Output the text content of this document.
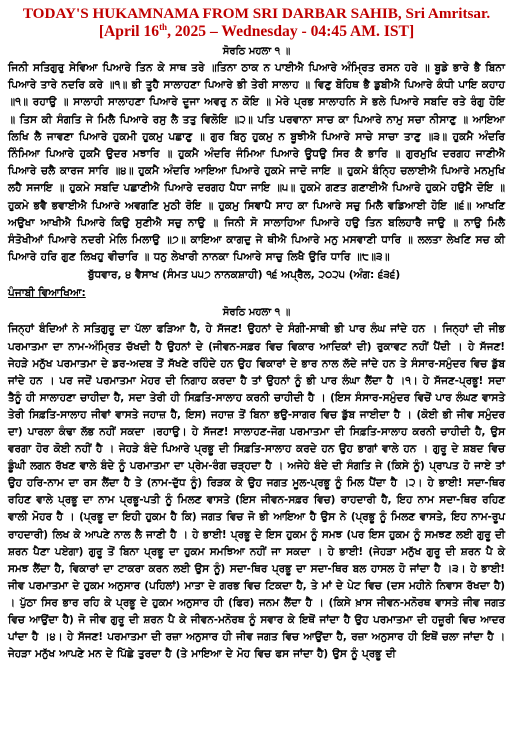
TODAY'S HUKAMNAMA FROM SRI DARBAR SAHIB, Sri Amritsar.
[April 16th, 2025 – Wednesday - 04:45 AM. IST]
ਸੋਰਠਿ ਮਹਲਾ ੧ ॥

ਜਿਨੀ ਸਤਿਗੁਰੁ ਸੇਵਿਆ ਪਿਆਰੇ ਤਿਨ ਕੇ ਸਾਥ ਤਰੇ ॥ਤਿਨਾ ਠਾਕ ਨ ਪਾਈਐ ਪਿਆਰੇ ਅੰਮ੍ਰਿਤ ਰਸਨ ਹਰੇ ॥ ਬੂਡੇ ਭਾਰੇ ਭੈ ਬਿਨਾ ਪਿਆਰੇ ਤਾਰੇ ਨਦਰਿ ਕਰੇ ॥੧॥ ਭੀ ਤੂਹੈ ਸਾਲਾਹਣਾ ਪਿਆਰੇ ਭੀ ਤੇਰੀ ਸਾਲਾਹ ॥ ਵਿਣੁ ਬੋਹਿਥ ਭੈ ਡੁਬੀਐ ਪਿਆਰੇ ਕੰਧੀ ਪਾਇ ਕਹਾਹ ॥੧॥ ਰਹਾਉ ॥ ਸਾਲਾਹੀ ਸਾਲਾਹਣਾ ਪਿਆਰੇ ਦੂਜਾ ਅਵਰੁ ਨ ਕੋਇ ॥ ਮੇਰੇ ਪ੍ਰਭ ਸਾਲਾਹਨਿ ਸੇ ਭਲੇ ਪਿਆਰੇ ਸਬਦਿ ਰਤੇ ਰੰਗੁ ਹੋਇ ॥ ਤਿਸ ਕੀ ਸੰਗਤਿ ਜੇ ਮਿਲੈ ਪਿਆਰੇ ਰਸੁ ਲੈ ਤਤੁ ਵਿਲੋਇ ॥੨॥ ਪਤਿ ਪਰਵਾਨਾ ਸਾਚ ਕਾ ਪਿਆਰੇ ਨਾਮੁ ਸਚਾ ਨੀਸਾਣੁ ॥ ਆਇਆ ਲਿਖਿ ਲੈ ਜਾਵਣਾ ਪਿਆਰੇ ਹੁਕਮੀ ਹੁਕਮੁ ਪਛਾਣੁ ॥ ਗੁਰ ਬਿਨੁ ਹੁਕਮੁ ਨ ਬੂਝੀਐ ਪਿਆਰੇ ਸਾਚੇ ਸਾਚਾ ਤਾਣੁ ॥੩॥ ਹੁਕਮੈ ਅੰਦਰਿ ਨਿੰਮਿਆ ਪਿਆਰੇ ਹੁਕਮੈ ਉਦਰ ਮਝਾਰਿ ॥ ਹੁਕਮੈ ਅੰਦਰਿ ਜੰਮਿਆ ਪਿਆਰੇ ਊਧਉ ਸਿਰ ਕੈ ਭਾਰਿ ॥ ਗੁਰਮੁਖਿ ਦਰਗਹ ਜਾਣੀਐ ਪਿਆਰੇ ਚਲੈ ਕਾਰਜ ਸਾਰਿ ॥੪॥ ਹੁਕਮੈ ਅੰਦਰਿ ਆਇਆ ਪਿਆਰੇ ਹੁਕਮੇ ਜਾਦੋ ਜਾਇ ॥ ਹੁਕਮੇ ਬੰਨ੍ਹਿ ਚਲਾਈਐ ਪਿਆਰੇ ਮਨਮੁਖਿ ਲਹੈ ਸਜਾਇ ॥ ਹੁਕਮੇ ਸਬਦਿ ਪਛਾਣੀਐ ਪਿਆਰੇ ਦਰਗਹ ਪੈਧਾ ਜਾਇ ॥੫॥ ਹੁਕਮੇ ਗਣਤ ਗਣਾਈਐ ਪਿਆਰੇ ਹੁਕਮੇ ਹਉਮੈ ਦੋਇ ॥ ਹੁਕਮੇ ਭਵੈ ਭਵਾਈਐ ਪਿਆਰੇ ਅਵਗਣਿ ਮੁਠੀ ਰੋਇ ॥ ਹੁਕਮੁ ਸਿਞਾਪੈ ਸਾਹ ਕਾ ਪਿਆਰੇ ਸਚੁ ਮਿਲੈ ਵਡਿਆਈ ਹੋਇ ॥੬॥ ਆਖਣਿ ਅਉਖਾ ਆਖੀਐ ਪਿਆਰੇ ਕਿਉ ਸੁਣੀਐ ਸਚੁ ਨਾਉ ॥ ਜਿਨੀ ਸੋ ਸਾਲਾਹਿਆ ਪਿਆਰੇ ਹਉ ਤਿਨ ਬਲਿਹਾਰੈ ਜਾਉ ॥ ਨਾਉ ਮਿਲੈ ਸੰਤੋਖੀਆਂ ਪਿਆਰੇ ਨਦਰੀ ਮੇਲਿ ਮਿਲਾਉ ॥੭॥ ਕਾਇਆ ਕਾਗਦੁ ਜੇ ਥੀਐ ਪਿਆਰੇ ਮਨੁ ਮਸਵਾਣੀ ਧਾਰਿ ॥ ਲਲਤਾ ਲੇਖਣਿ ਸਚ ਕੀ ਪਿਆਰੇ ਹਰਿ ਗੁਣ ਲਿਖਹੁ ਵੀਚਾਰਿ ॥ ਧਨੁ ਲੇਖਾਰੀ ਨਾਨਕਾ ਪਿਆਰੇ ਸਾਚੁ ਲਿਖੈ ਉਰਿ ਧਾਰਿ ॥੮॥੩॥

ਬੁੱਧਵਾਰ, ੪ ਵੈਸਾਖ (ਸੰਮਤ ੫੫੭ ਨਾਨਕਸ਼ਾਹੀ) ੧੬ ਅਪ੍ਰੈਲ, ੨੦੨੫ (ਅੰਗ: ੬੩੬)
ਪੰਜਾਬੀ ਵਿਆਖਿਆ:
ਸੋਰਠਿ ਮਹਲਾ ੧ ॥

ਜਿਨ੍ਹਾਂ ਬੰਦਿਆਂ ਨੇ ਸਤਿਗੁਰੂ ਦਾ ਪੱਲਾ ਫੜਿਆ ਹੈ, ਹੇ ਸੱਜਣ! ਉਹਨਾਂ ਦੇ ਸੰਗੀ-ਸਾਥੀ ਭੀ ਪਾਰ ਲੰਘ ਜਾਂਦੇ ਹਨ । ਜਿਨ੍ਹਾਂ ਦੀ ਜੀਭ ਪਰਮਾਤਮਾ ਦਾ ਨਾਮ-ਅੰਮ੍ਰਿਤ ਚੱਖਦੀ ਹੈ ਉਹਨਾਂ ਦੇ (ਜੀਵਨ-ਸਫ਼ਰ ਵਿਚ ਵਿਕਾਰ ਆਦਿਕਾਂ ਦੀ) ਰੁਕਾਵਟ ਨਹੀਂ ਪੈਂਦੀ । ਹੇ ਸੱਜਣ! ਜੇਹੜੇ ਮਨੁੱਖ ਪਰਮਾਤਮਾ ਦੇ ਡਰ-ਅਦਬ ਤੋਂ ਸੱਖਣੇ ਰਹਿੰਦੇ ਹਨ ਉਹ ਵਿਕਾਰਾਂ ਦੇ ਭਾਰ ਨਾਲ ਲੱਦੇ ਜਾਂਦੇ ਹਨ ਤੇ ਸੰਸਾਰ-ਸਮੁੰਦਰ ਵਿਚ ਡੁੱਬ ਜਾਂਦੇ ਹਨ । ਪਰ ਜਦੋਂ ਪਰਮਾਤਮਾ ਮੇਹਰ ਦੀ ਨਿਗਾਹ ਕਰਦਾ ਹੈ ਤਾਂ ਉਹਨਾਂ ਨੂੰ ਭੀ ਪਾਰ ਲੰਘਾ ਲੈਂਦਾ ਹੈ ।੧। ਹੇ ਸੱਜਣ-ਪ੍ਰਭੂ! ਸਦਾ ਤੈਨੂੰ ਹੀ ਸਾਲਾਹਣਾ ਚਾਹੀਦਾ ਹੈ, ਸਦਾ ਤੇਰੀ ਹੀ ਸਿਫ਼ਤਿ-ਸਾਲਾਹ ਕਰਨੀ ਚਾਹੀਦੀ ਹੈ । (ਇਸ ਸੰਸਾਰ-ਸਮੁੰਦਰ ਵਿਚੋਂ ਪਾਰ ਲੰਘਣ ਵਾਸਤੇ ਤੇਰੀ ਸਿਫ਼ਤਿ-ਸਾਲਾਹ ਜੀਵਾਂ ਵਾਸਤੇ ਜਹਾਜ਼ ਹੈ, ਇਸ) ਜਹਾਜ਼ ਤੋਂ ਬਿਨਾ ਭਉ-ਸਾਗਰ ਵਿਚ ਡੁੱਬ ਜਾਈਦਾ ਹੈ । (ਕੋਈ ਭੀ ਜੀਵ ਸਮੁੰਦਰ ਦਾ) ਪਾਰਲਾ ਕੰਢਾ ਲੱਭ ਨਹੀਂ ਸਕਦਾ ।ਰਹਾਉ। ਹੇ ਸੱਜਣ! ਸਾਲਾਹਣ-ਜੋਗ ਪਰਮਾਤਮਾ ਦੀ ਸਿਫ਼ਤਿ-ਸਾਲਾਹ ਕਰਨੀ ਚਾਹੀਦੀ ਹੈ, ਉਸ ਵਰਗਾ ਹੋਰ ਕੋਈ ਨਹੀਂ ਹੈ । ਜੇਹੜੇ ਬੰਦੇ ਪਿਆਰੇ ਪ੍ਰਭੂ ਦੀ ਸਿਫ਼ਤਿ-ਸਾਲਾਹ ਕਰਦੇ ਹਨ ਉਹ ਭਾਗਾਂ ਵਾਲੇ ਹਨ । ਗੁਰੂ ਦੇ ਸ਼ਬਦ ਵਿਚ ਡੂੰਘੀ ਲਗਨ ਰੱਖਣ ਵਾਲੇ ਬੰਦੇ ਨੂੰ ਪਰਮਾਤਮਾ ਦਾ ਪ੍ਰੇਮ-ਰੰਗ ਚੜ੍ਹਦਾ ਹੈ । ਅਜੇਹੇ ਬੰਦੇ ਦੀ ਸੰਗਤਿ ਜੇ (ਕਿਸੇ ਨੂੰ) ਪ੍ਰਾਪਤ ਹੋ ਜਾਏ ਤਾਂ ਉਹ ਹਰਿ-ਨਾਮ ਦਾ ਰਸ ਲੈਂਦਾ ਹੈ ਤੇ (ਨਾਮ-ਦੁੱਧ ਨੂੰ) ਰਿੜਕ ਕੇ ਉਹ ਜਗਤ ਮੂਲ-ਪ੍ਰਭੂ ਨੂੰ ਮਿਲ ਪੈਂਦਾ ਹੈ ।੨। ਹੇ ਭਾਈ! ਸਦਾ-ਥਿਰ ਰਹਿਣ ਵਾਲੇ ਪ੍ਰਭੂ ਦਾ ਨਾਮ ਪ੍ਰਭੂ-ਪਤੀ ਨੂੰ ਮਿਲਣ ਵਾਸਤੇ (ਇਸ ਜੀਵਨ-ਸਫ਼ਰ ਵਿਚ) ਰਾਹਦਾਰੀ ਹੈ, ਇਹ ਨਾਮ ਸਦਾ-ਥਿਰ ਰਹਿਣ ਵਾਲੀ ਮੋਹਰ ਹੈ । (ਪ੍ਰਭੂ ਦਾ ਇਹੀ ਹੁਕਮ ਹੈ ਕਿ) ਜਗਤ ਵਿਚ ਜੋ ਭੀ ਆਇਆ ਹੈ ਉਸ ਨੇ (ਪ੍ਰਭੂ ਨੂੰ ਮਿਲਣ ਵਾਸਤੇ, ਇਹ ਨਾਮ-ਰੂਪ ਰਾਹਦਾਰੀ) ਲਿਖ ਕੇ ਆਪਣੇ ਨਾਲ ਲੈ ਜਾਣੀ ਹੈ । ਹੇ ਭਾਈ! ਪ੍ਰਭੂ ਦੇ ਇਸ ਹੁਕਮ ਨੂੰ ਸਮਝ (ਪਰ ਇਸ ਹੁਕਮ ਨੂੰ ਸਮਝਣ ਲਈ ਗੁਰੂ ਦੀ ਸ਼ਰਨ ਪੈਣਾ ਪਏਗਾ) ਗੁਰੂ ਤੋਂ ਬਿਨਾ ਪ੍ਰਭੂ ਦਾ ਹੁਕਮ ਸਮਝਿਆ ਨਹੀਂ ਜਾ ਸਕਦਾ । ਹੇ ਭਾਈ! (ਜੇਹੜਾ ਮਨੁੱਖ ਗੁਰੂ ਦੀ ਸ਼ਰਨ ਪੈ ਕੇ ਸਮਝ ਲੈਂਦਾ ਹੈ, ਵਿਕਾਰਾਂ ਦਾ ਟਾਕਰਾ ਕਰਨ ਲਈ ਉਸ ਨੂੰ) ਸਦਾ-ਥਿਰ ਪ੍ਰਭੂ ਦਾ ਸਦਾ-ਥਿਰ ਬਲ ਹਾਸਲ ਹੋ ਜਾਂਦਾ ਹੈ ।੩। ਹੇ ਭਾਈ! ਜੀਵ ਪਰਮਾਤਮਾ ਦੇ ਹੁਕਮ ਅਨੁਸਾਰ (ਪਹਿਲਾਂ) ਮਾਤਾ ਦੇ ਗਰਭ ਵਿਚ ਟਿਕਦਾ ਹੈ, ਤੇ ਮਾਂ ਦੇ ਪੇਟ ਵਿਚ (ਦਸ ਮਹੀਨੇ ਨਿਵਾਸ ਰੱਖਦਾ ਹੈ) । ਪੁੱਠਾ ਸਿਰ ਭਾਰ ਰਹਿ ਕੇ ਪ੍ਰਭੂ ਦੇ ਹੁਕਮ ਅਨੁਸਾਰ ਹੀ (ਫਿਰ) ਜਨਮ ਲੈਂਦਾ ਹੈ । (ਕਿਸੇ ਖ਼ਾਸ ਜੀਵਨ-ਮਨੋਰਥ ਵਾਸਤੇ ਜੀਵ ਜਗਤ ਵਿਚ ਆਉਂਦਾ ਹੈ) ਜੋ ਜੀਵ ਗੁਰੂ ਦੀ ਸ਼ਰਨ ਪੈ ਕੇ ਜੀਵਨ-ਮਨੋਰਥ ਨੂੰ ਸਵਾਰ ਕੇ ਇਥੋਂ ਜਾਂਦਾ ਹੈ ਉਹ ਪਰਮਾਤਮਾ ਦੀ ਹਜ਼ੂਰੀ ਵਿਚ ਆਦਰ ਪਾਂਦਾ ਹੈ ।੪। ਹੇ ਸੱਜਣ! ਪਰਮਾਤਮਾ ਦੀ ਰਜ਼ਾ ਅਨੁਸਾਰ ਹੀ ਜੀਵ ਜਗਤ ਵਿਚ ਆਉਂਦਾ ਹੈ, ਰਜ਼ਾ ਅਨੁਸਾਰ ਹੀ ਇਥੋਂ ਚਲਾ ਜਾਂਦਾ ਹੈ । ਜੇਹੜਾ ਮਨੁੱਖ ਆਪਣੇ ਮਨ ਦੇ ਪਿੱਛੇ ਤੁਰਦਾ ਹੈ (ਤੇ ਮਾਇਆ ਦੇ ਮੋਹ ਵਿਚ ਫਸ ਜਾਂਦਾ ਹੈ) ਉਸ ਨੂੰ ਪ੍ਰਭੂ ਦੀ
